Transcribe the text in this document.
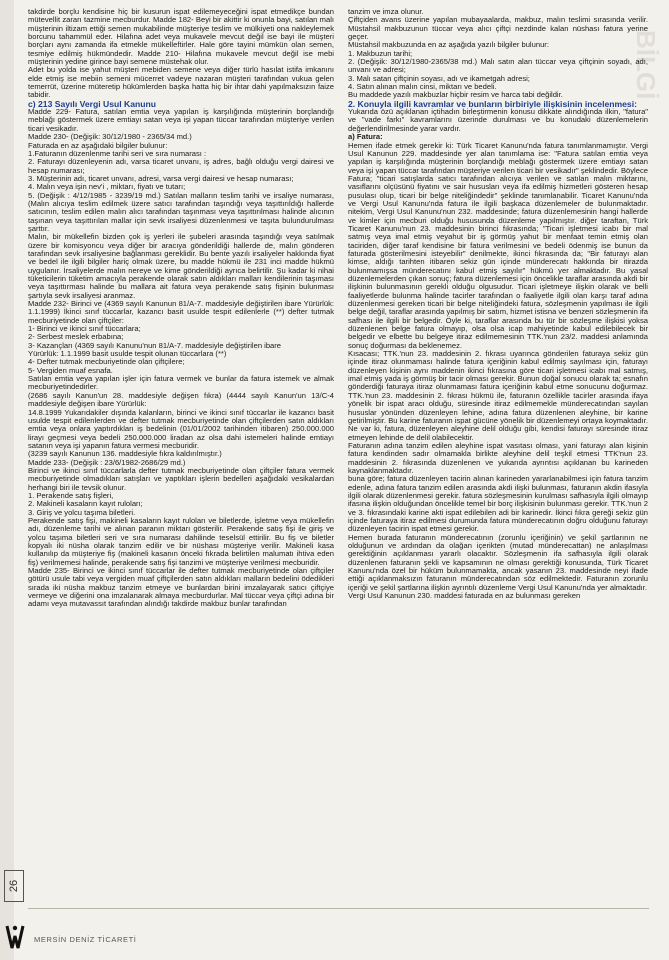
BİLGİ

takdirde borçlu kendisine hiç bir kusurun ispat edilemeyeceğini ispat etmedikçe bundan mütevellit zararı tazmine mecburdur. Madde 182- Beyi bir akittir ki onunla bayi, satılan malı müşterinin iltizam ettiği semen mukabilinde müşteriye teslim ve mülkiyeti ona nakleylemek borcunu tahammül eder. Hilafına adet veya mukavele mevcut değil ise bayi ile müşteri borçları aynı zamanda ifa etmekle mükelleftirler. Hale göre tayini mümkün olan semen, tesmiye edilmiş hükmündedir. Madde 210- Hilafına mukavele mevcut değil ise mebi müşterinin yedine girince bayi semene müstehak olur.

Adet bu yolda ise yahut müşteri mebiden semene veya diğer türlü hasılat istifa imkanını elde etmiş ise mebiin semeni mücerret vadeye nazaran müşteri tarafından vukua gelen temerrüt, üzerine müteretip hükümlerden başka hatta hiç bir ihtar dahi yapılmaksızın faize tabidir.

c) 213 Sayılı Vergi Usul Kanunu

Madde 229- Fatura, satılan emtia veya yapılan iş karşılığında müşterinin borçlandığı meblağı göstermek üzere emtiayı satan veya işi yapan tüccar tarafından müşteriye verilen ticari vesikadır.

Madde 230- (Değişik: 30/12/1980 - 2365/34 md.)

Faturada en az aşağıdaki bilgiler bulunur:

1.Faturanın düzenlenme tarihi seri ve sıra numarası :

2. Faturayı düzenleyenin adı, varsa ticaret unvanı, iş adres, bağlı olduğu vergi dairesi ve hesap numarası;

3. Müşterinin adı, ticaret unvanı, adresi, varsa vergi dairesi ve hesap numarası;

4. Malın veya işin nev'i , miktarı, fiyatı ve tutarı;

5. (Değişik : 4/12/1985 - 3239/19 md.) Satılan malların teslim tarihi ve irsaliye numarası, (Malın alıcıya teslim edilmek üzere satıcı tarafından taşındığı veya taşıttırıldığı hallerde satıcının, teslim edilen malın alıcı tarafından taşınması veya taşıttırılması halinde alıcının taşınan veya taşıttırılan mallar için sevk irsaliyesi düzenlenmesi ve taşıta bulundurulması şarttır.

Malın, bir mükellefin bizden çok iş yerleri ile şubeleri arasında taşındığı veya satılmak üzere bir komisyoncu veya diğer bir aracıya gönderildiği hallerde de, malın gönderen tarafından sevk irsaliyesine bağlanması gereklidir. Bu bente yazılı irsaliyeler hakkında fiyat ve bedel ile ilgili bilgiler hariç olmak üzere, bu madde hükmü ile 231 inci madde hükmü uygulanır. İrsaliyelerde malın nereye ve kime gönderildiği ayrıca belirtilir. Şu kadar ki nihai tüketicilerin tüketim amacıyla perakende olarak satın aldıkları malları kendilerinin taşıması veya taşıttırması halinde bu mallara ait fatura veya perakende satış fişinin bulunması şartıyla sevk irsaliyesi aranmaz.

Madde 232- Birinci ve (4369 sayılı Kanunun 81/A-7. maddesiyle değiştirilen ibare Yürürlük: 1.1.1999) İkinci sınıf tüccarlar, kazancı basit usulde tespit edilenlerle (**) defter tutmak mecburiyetinde olan çiftçiler:

1- Birinci ve ikinci sınıf tüccarlara;

2- Serbest meslek erbabına;

3- Kazançları (4369 sayılı Kanunu'nun 81/A-7. maddesiyle değiştirilen ibare

Yürürlük: 1.1.1999 basit usulde tespit olunan tüccarlara (**)

4- Defter tutmak mecburiyetinde olan çiftçilere;

5- Vergiden muaf esnafa.

Satılan emtia veya yapılan işler için fatura vermek ve bunlar da fatura istemek ve almak mecburiyetindedirler.

(2686 sayılı Kanun'un 28. maddesiyle değişen fıkra) (4444 sayılı Kanun'un 13/C-4 maddesiyle değişen ibare Yürürlük:

14.8.1999 Yukarıdakiler dışında kalanların, birinci ve ikinci sınıf tüccarlar ile kazancı basit usulde tespit edilenlerden ve defter tutmak mecburiyetinde olan çiftçilerden satın aldıkları emtia veya onlara yaptırdıkları iş bedelinin (01/01/2002 tarihinden itibaren) 250.000.000 lirayı geçmesi veya bedeli 250.000.000 liradan az olsa dahi istemeleri halinde emtiayı satanın veya işi yapanın fatura vermesi mecburidir.

(3239 sayılı Kanunun 136. maddesiyle fıkra kaldırılmıştır.)

Madde 233- (Değişik : 23/6/1982-2686/29 md.)

Birinci ve ikinci sınıf tüccarlarla defter tutmak mecburiyetinde olan çiftçiler fatura vermek mecburiyetinde olmadıkları satışları ve yaptıkları işlerin bedelleri aşağıdaki vesikalardan herhangi biri ile tevsik olunur.

1. Perakende satış fişleri,

2. Makineli kasaların kayıt ruloları;

3. Giriş ve yolcu taşıma biletleri.

Perakende satış fişi, makineli kasaların kayıt ruloları ve biletlerde, işletme veya mükellefin adı, düzenleme tarihi ve alınan paranın miktarı gösterilir. Perakende satış fişi ile giriş ve yolcu taşıma biletleri seri ve sıra numarası dahilinde teselsül ettirilir. Bu fiş ve biletler kopyalı iki nüsha olarak tanzim edilir ve bir nüshası müşteriye verilir. Makineli kasa kullanılıp da müşteriye fiş (makineli kasanın önceki fıkrada belirtilen malumatı ihtiva eden fiş) verilmemesi halinde, perakende satış fişi tanzimi ve müşteriye verilmesi mecburidir.

Madde 235- Birinci ve ikinci sınıf tüccarlar ile defter tutmak mecburiyetinde olan çiftçiler götürü usule tabi veya vergiden muaf çiftçilerden satın aldıkları malların bedelini ödedikleri sırada iki nüsha makbuz tanzim etmeye ve bunlardan birini imzalayarak satıcı çiftçiye vermeye ve diğerini ona imzalanarak almaya mecburdurlar. Mal tüccar veya çiftçi adına bir adamı veya mutavassıt tarafından alındığı takdirde makbuz bunlar tarafından

tanzim ve imza olunur.

Çiftçiden avans üzerine yapılan mubayaalarda, makbuz, malın teslimi sırasında verilir. Müstahsil makbuzunun tüccar veya alıcı çiftçi nezdinde kalan nüshası fatura yerine geçer.

Müstahsil makbuzunda en az aşağıda yazılı bilgiler bulunur:

1. Makbuzun tarihi;

2. (Değişik: 30/12/1980-2365/38 md.) Malı satın alan tüccar veya çiftçinin soyadı, adı, unvanı ve adresi;

3. Malı satan çiftçinin soyası, adı ve ikametgah adresi;

4. Satın alınan malın cinsi, miktarı ve bedeli.

Bu maddede yazılı makbuzlar hiçbir resim ve harca tabi değildir.

2. Konuyla ilgili kavramlar ve bunların birbiriyle ilişkisinin incelenmesi:

Yukarıda özü açıklanan içtihadın birleştirmenin konusu dikkate alındığında ilkin, "fatura" ve "vade farkı" kavramlarını üzerinde durulması ve bu konudaki düzenlemelerin değerlendirilmesinde yarar vardır.

a) Fatura:

Hemen ifade etmek gerekir ki: Türk Ticaret Kanunu'nda fatura tanımlanmamıştır. Vergi Usul Kanunun 229. maddesinde yer alan tanımlama ise: "Fatura satılan emtia veya yapılan iş karşılığında müşterinin borçlandığı meblağı göstermek üzere emtiayı satan veya işi yapan tüccar tarafından müşteriye verilen ticari bir vesikadır" şeklindedir. Böylece Fatura; "ticari satışlarda satıcı tarafından alıcıya verilen ve satılan malın miktarını, vasıflarını olçüsünü fiyatını ve sair hususları veya ifa edilmiş hizmetleri gösteren hesap pusulası olup, ticari bir belge niteliğindedir" şeklinde tanımlanabilir. Ticaret Kanunu'nda ve Vergi Usul Kanunu'nda fatura ile ilgili başkaca düzenlemeler de bulunmaktadır. nitekim, Vergi Usul Kanunu'nun 232. maddesinde; fatura düzenlemesinin hangi hallerde ve kimler için mecburi olduğu hususunda düzenleme yapılmıştır. diğer taraftan, Türk Ticaret Kanunu'nun 23. maddesinin birinci fıkrasında; "Ticari işletmesi icabı bir mal satmış veya imal etmiş veyahut bir iş görmüş yahut bir menfaat temin etmiş olan taciriden, diğer taraf kendisine bir fatura verilmesini ve bedeli ödenmiş ise bunun da faturada gösterilmesini isteyebilir" denilmekte, ikinci fıkrasında da; "Bir faturayı alan kimse, aldığı tarihten itibaren sekiz gün içinde münderecatı hakkında bir itirazda bulunmamışsa münderecatını kabul etmiş sayılır" hükmü yer almaktadır. Bu yasal düzenlemelerden çıkan sonuç; fatura düzenlemesi için öncelikle taraflar arasında akdi bir ilişkinin bulunmasının gerekli olduğu olgusudur. Ticari işletmeye ilişkin olarak ve belli faaliyetlerde bulunma halinde tacirler tarafından o faaliyetle ilgili olan karşı taraf adına düzenlenmesi gereken ticari bir belge niteliğindeki fatura, sözleşmenin yapılması ile ilgili belge değil, taraflar arasında yapılmış bir satım, hizmet istisna ve benzeri sözleşmenin ifa safhası ile ilgili bir belgedir. Öyle ki, taraflar arasında bu tür bir sözleşme ilişkisi yoksa düzenlenen belge fatura olmayıp, olsa olsa icap mahiyetinde kabul edilebilecek bir belgedir ve elbette bu belgeye itiraz edilmemesinin TTK.'nun 23/2. maddesi anlamında sonuç doğurması da beklenemez.

Kısacası; TTK.'nun 23. maddesinin 2. fıkrası uyarınca gönderilen faturaya sekiz gün içinde itiraz olunmaması halinde fatura içeriğinin kabul edilmiş sayılması için, faturayı düzenleyen kişinin aynı maddenin ikinci fıkrasına göre ticari işletmesi icabı mal satmış, imal etmiş yada iş görmüş bir tacir olması gerekir. Bunun doğal sonucu olarak ta; esnafın gönderdiği faturaya itiraz olunmaması fatura içeriğinin kabul etme sonucunu doğurmaz. TTK.'nun 23. maddesinin 2. fıkrası hükmü ile, faturanın özellikle tacirler arasında ifaya yönelik bir ispat aracı olduğu, süresinde itiraz edilmemekle münderecatından sayılan hususlar yönünden düzenleyen lehine, adına fatura düzenlenen aleyhine, bir karine getirilmiştir. Bu karine faturanın ispat gücüne yönelik bir düzenlemeyi ortaya koymaktadır. Ne var ki, fatura, düzenleyen aleyhine delil olduğu gibi, kendisi faturayı süresinde itiraz etmeyen lehinde de delil olabilecektir.

Faturanın adına tanzim edilen aleyhine ispat vasıtası olması, yani faturayı alan kişinin fatura kendinden sadır olmamakla birlikte aleyhine delil teşkil etmesi TTK'nun 23. maddesinin 2. fıkrasında düzenlenen ve yukarıda ayrıntısı açıklanan bu karineden kaynaklanmaktadır.

buna göre; fatura düzenleyen tacirin alınan karineden yararlanabilmesi için fatura tanzim edenle, adına fatura tanzim edilen arasında akdi ilişki bulunması, faturanın akdin ifasıyla ilgili olarak düzenlenmesi gerekir. fatura sözleşmesinin kurulması safhasıyla ilgili olmayıp ifasına ilişkin olduğundan öncelikle temel bir borç ilişkisinin bulunması gerekir. TTK.'nun 2 ve 3. fıkrasındaki karine akti ispat edilebilen adi bir karinedir. İkinci fıkra gereği sekiz gün içinde faturaya itiraz edilmesi durumunda fatura münderecatının doğru olduğunu faturayı düzenleyen tacirin ispat etmesi gerekir.

Hemen burada faturanın münderecatının (zorunlu içeriğinin) ve şekil şartlarının ne olduğunun ve ardından da olağan içerikten (mutad münderecattan) ne anlaşılması gerektiğinin açıklanması yararlı olacaktır. Sözleşmenin ifa safhasıyla ilgili olarak düzenlenen faturanın şekli ve kapsamının ne olması gerektiği konusunda, Türk Ticaret Kanunu'nda özel bir hüküm bulunmamakta, ancak yasanın 23. maddesinde neyi ifade ettiği açıklanmaksızın faturanın münderecatından söz edilmektedir. Faturanın zorunlu içeriği ve şekil şartlarına ilişkin ayrıntılı düzenleme Vergi Usul Kanunu'nda yer almaktadır.

Vergi Usul Kanunun 230. maddesi faturada en az bulunması gereken

26
MERSİN DENİZ TİCARETİ
